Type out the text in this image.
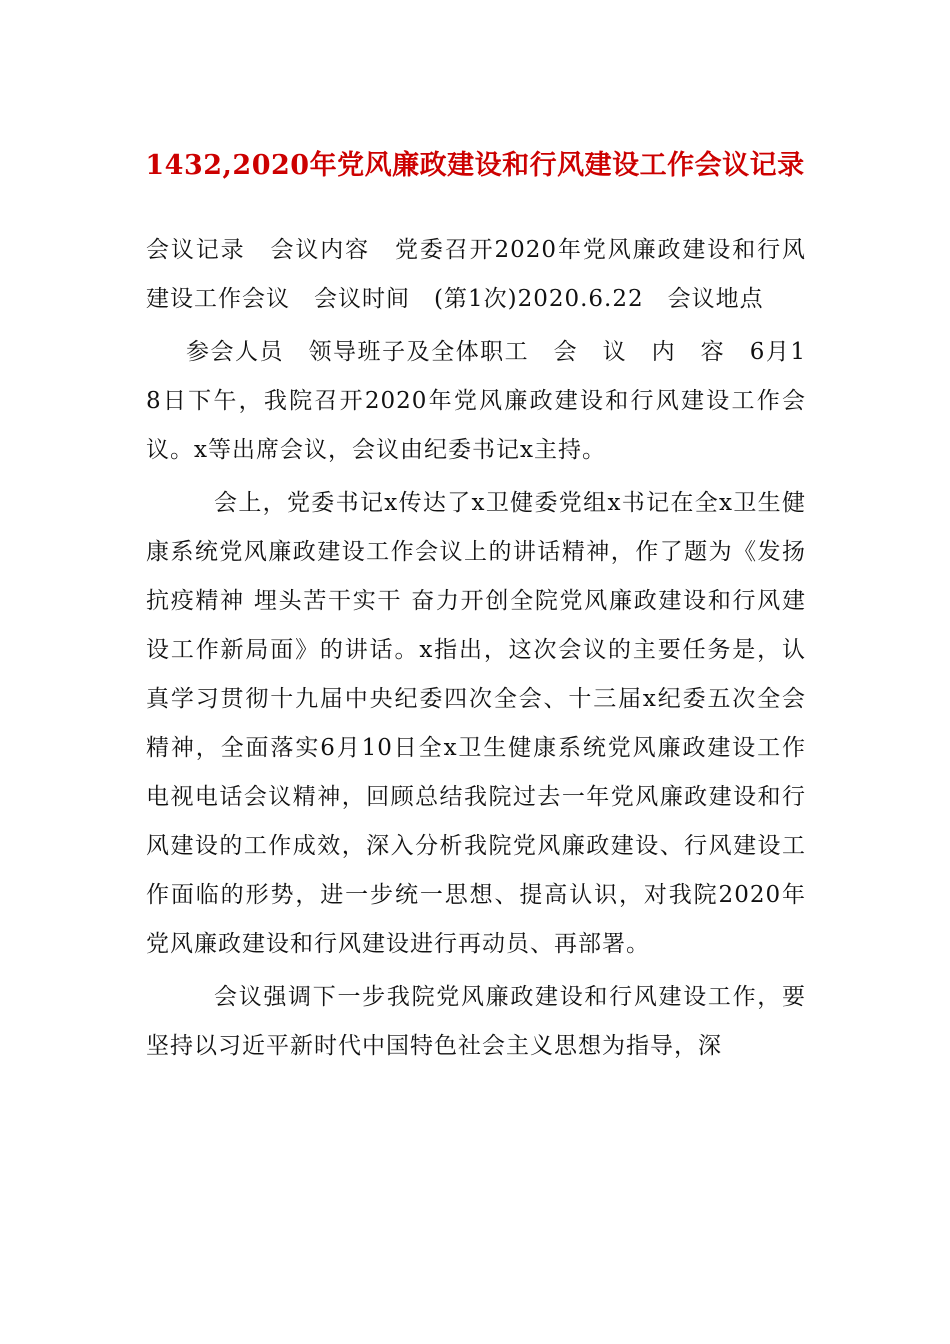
1432,2020年党风廉政建设和行风建设工作会议记录

会议记录　会议内容　党委召开2020年党风廉政建设和行风建设工作会议　会议时间　(第1次)2020.6.22　会议地点

参会人员　领导班子及全体职工　会　议　内　容　6月18日下午，我院召开2020年党风廉政建设和行风建设工作会议。x等出席会议，会议由纪委书记x主持。

会上，党委书记x传达了x卫健委党组x书记在全x卫生健康系统党风廉政建设工作会议上的讲话精神，作了题为《发扬抗疫精神 埋头苦干实干 奋力开创全院党风廉政建设和行风建设工作新局面》的讲话。x指出，这次会议的主要任务是，认真学习贯彻十九届中央纪委四次全会、十三届x纪委五次全会精神，全面落实6月10日全x卫生健康系统党风廉政建设工作电视电话会议精神，回顾总结我院过去一年党风廉政建设和行风建设的工作成效，深入分析我院党风廉政建设、行风建设工作面临的形势，进一步统一思想、提高认识，对我院2020年党风廉政建设和行风建设进行再动员、再部署。

会议强调下一步我院党风廉政建设和行风建设工作，要坚持以习近平新时代中国特色社会主义思想为指导，深
